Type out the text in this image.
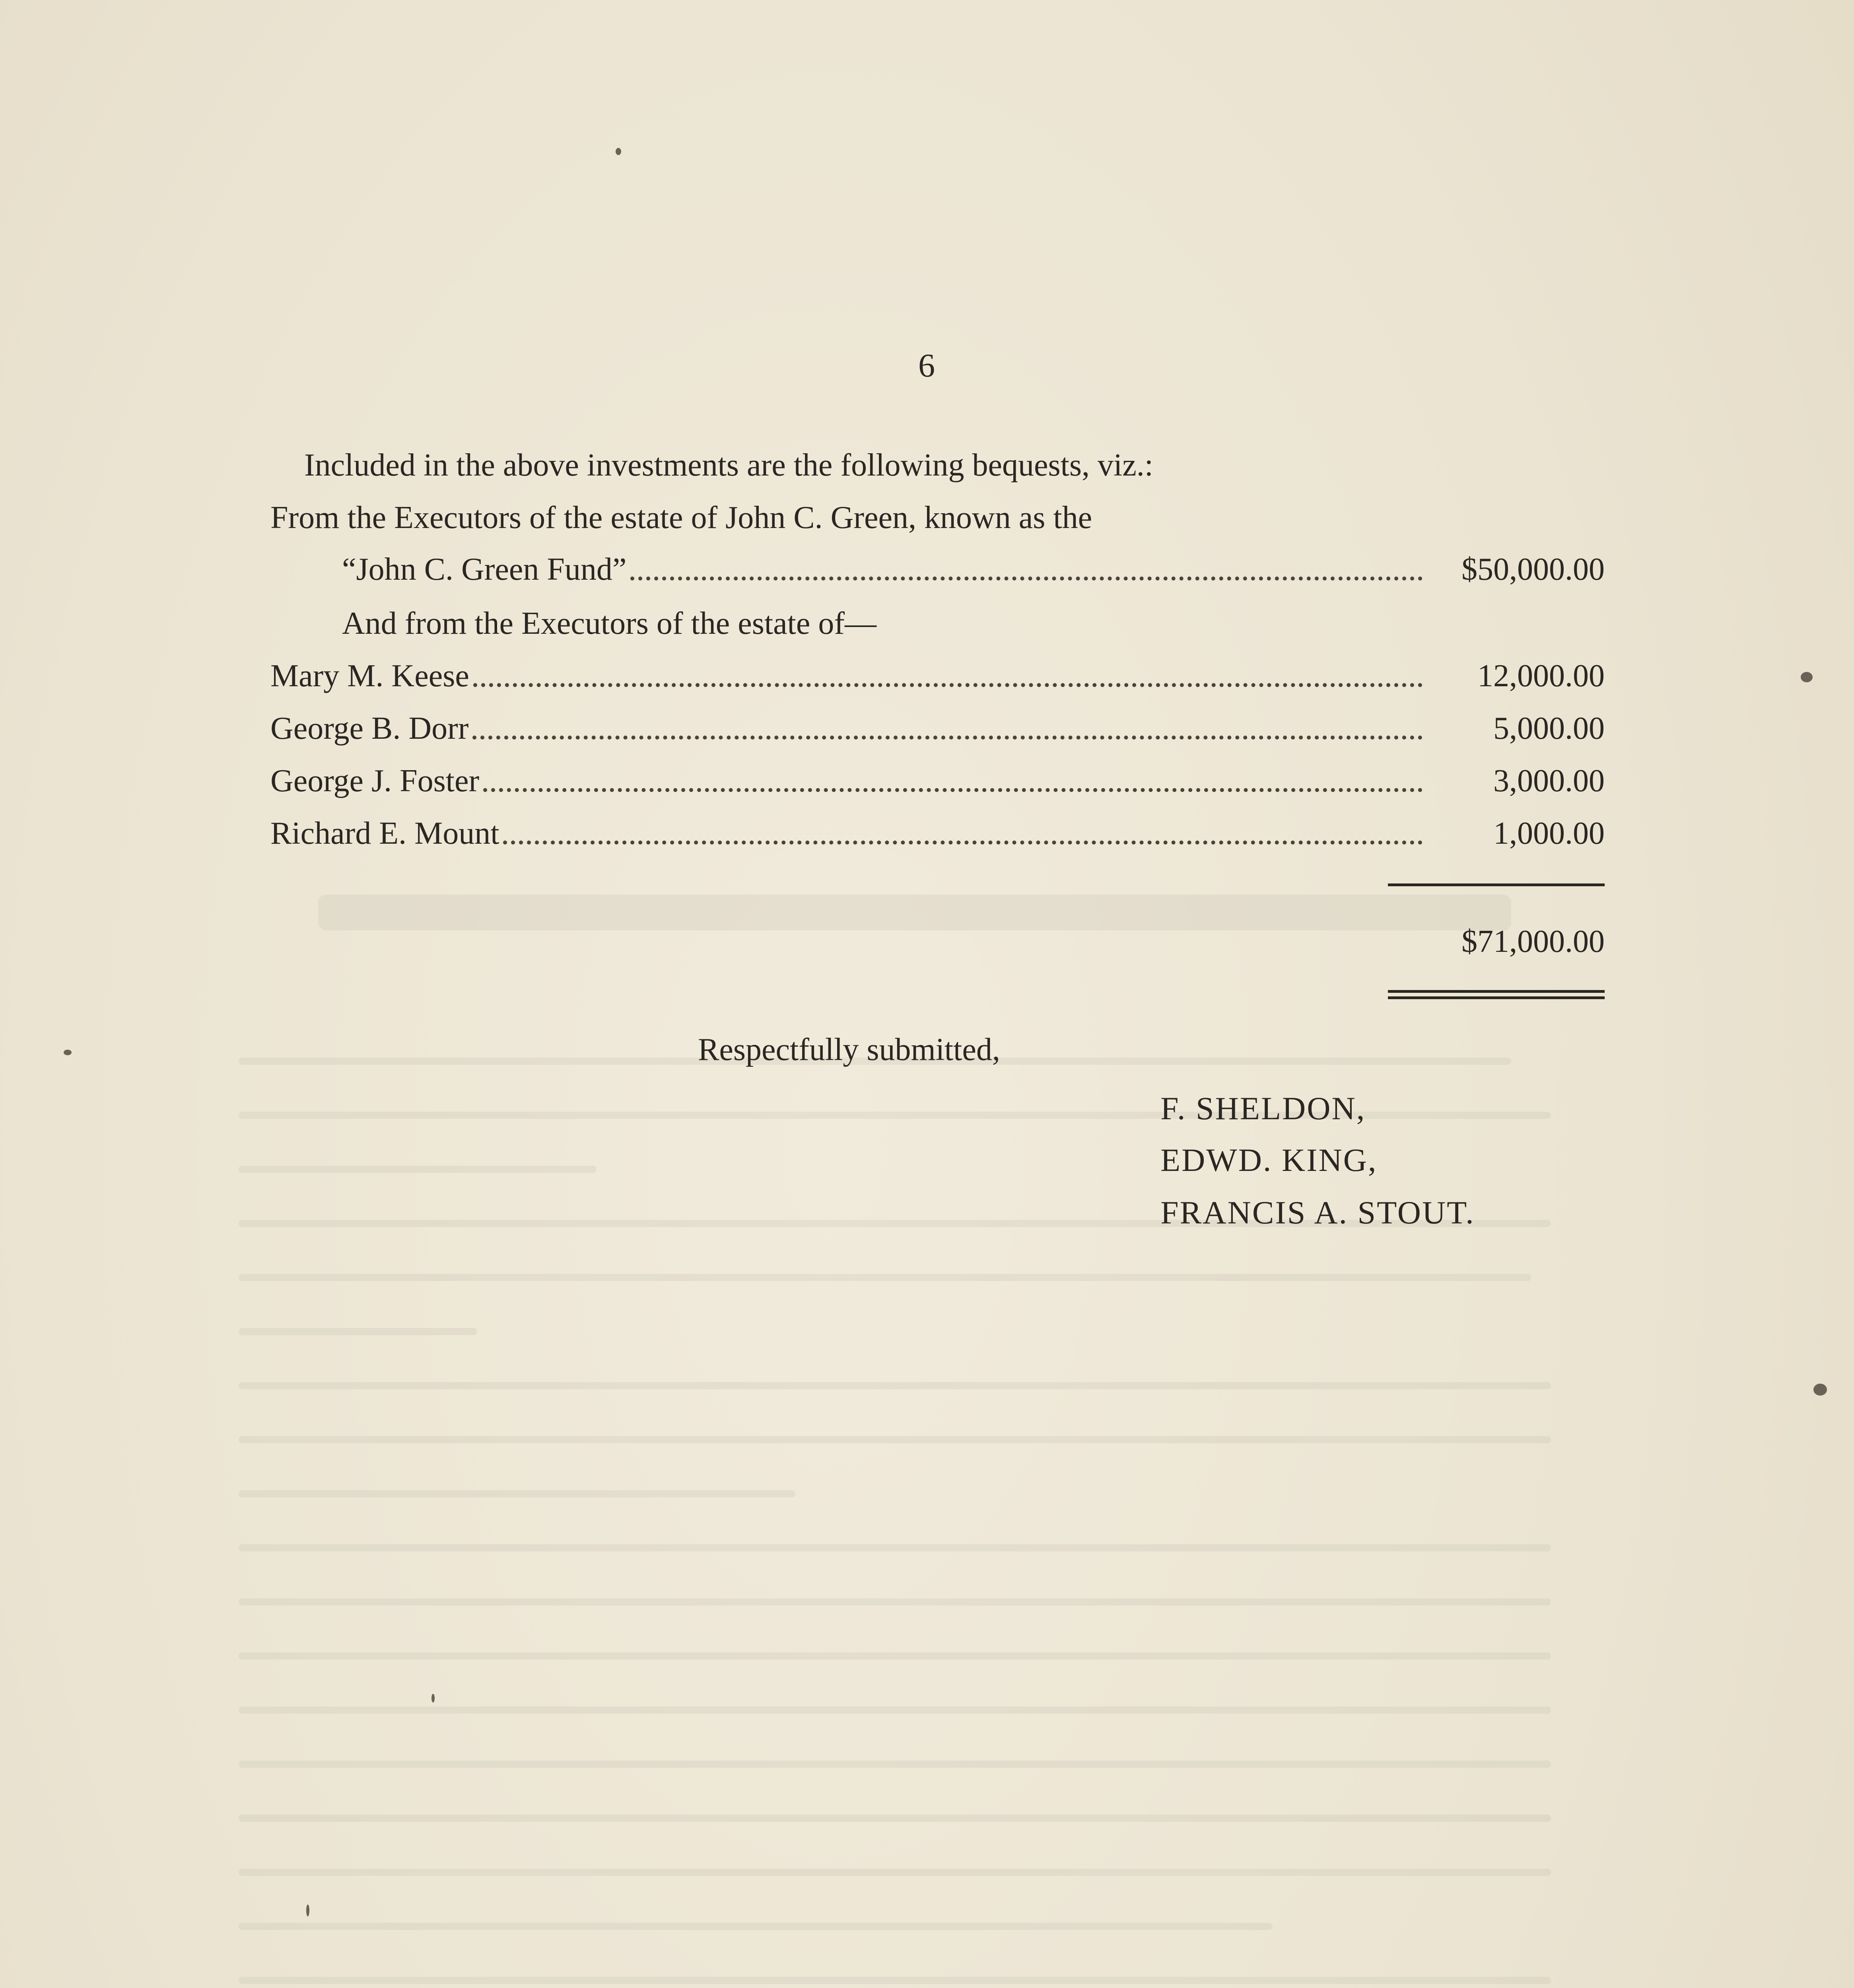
6
Included in the above investments are the following bequests, viz.:
From the Executors of the estate of John C. Green, known as the
“John C. Green Fund”	$50,000.00
And from the Executors of the estate of—
Mary M. Keese	12,000.00
George B. Dorr	5,000.00
George J. Foster	3,000.00
Richard E. Mount	1,000.00
$71,000.00
Respectfully submitted,
F. SHELDON,
EDWD. KING,
FRANCIS A. STOUT.
